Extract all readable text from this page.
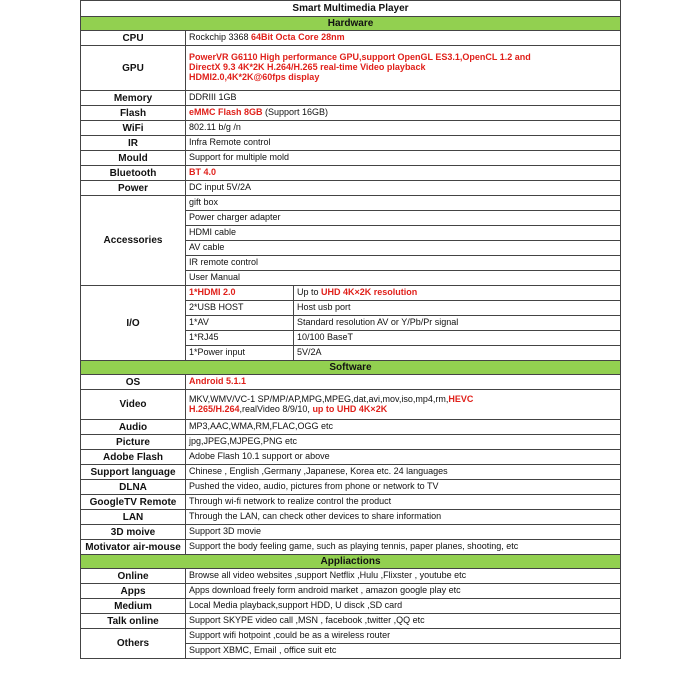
Smart Multimedia Player		
Hardware		
CPU	Rockchip 3368 64Bit Octa Core 28nm	
GPU	PowerVR G6110 High performance GPU,support OpenGL ES3.1,OpenCL 1.2 and
DirectX 9.3 4K*2K H.264/H.265 real-time Video playback
HDMI2.0,4K*2K@60fps display	

Memory	DDRIII 1GB	
Flash	eMMC Flash 8GB (Support 16GB)	
WiFi	802.11 b/g /n	
IR	Infra Remote control	
Mould	Support for multiple mold	
Bluetooth	BT 4.0	
Power	DC input 5V/2A	
Accessories	gift box	
	Power charger adapter	
	HDMI cable	
	AV cable	
	IR remote control	
	User Manual	
I/O	1*HDMI 2.0	Up to UHD 4K×2K resolution
	2*USB HOST	Host usb port
	1*AV	Standard resolution AV or Y/Pb/Pr signal
	1*RJ45	10/100 BaseT
	1*Power input	5V/2A
Software		
OS	Android 5.1.1	
Video	MKV,WMV/VC-1 SP/MP/AP,MPG,MPEG,dat,avi,mov,iso,mp4,rm,HEVC
H.265/H.264,realVideo 8/9/10, up to UHD 4K×2K	

Audio	MP3,AAC,WMA,RM,FLAC,OGG etc	
Picture	jpg,JPEG,MJPEG,PNG etc	
Adobe Flash	Adobe Flash 10.1 support or above	
Support language	Chinese , English ,Germany ,Japanese, Korea etc. 24 languages	
DLNA	Pushed the video, audio, pictures from phone or network to TV	
GoogleTV Remote	Through wi-fi network to realize control the product	
LAN	Through the LAN, can check other devices to share information	
3D moive	Support 3D movie	
Motivator air-mouse	Support the body feeling game, such as playing tennis, paper planes, shooting, etc	
Appliactions		
Online	Browse all video websites ,support Netflix ,Hulu ,Flixster , youtube etc	
Apps	Apps download freely form android market , amazon google play etc	
Medium	Local Media playback,support HDD, U disck ,SD card	
Talk online	Support SKYPE video call ,MSN , facebook ,twitter ,QQ etc	
Others	Support wifi hotpoint ,could be as a wireless router	
	Support XBMC, Email , office suit etc	
